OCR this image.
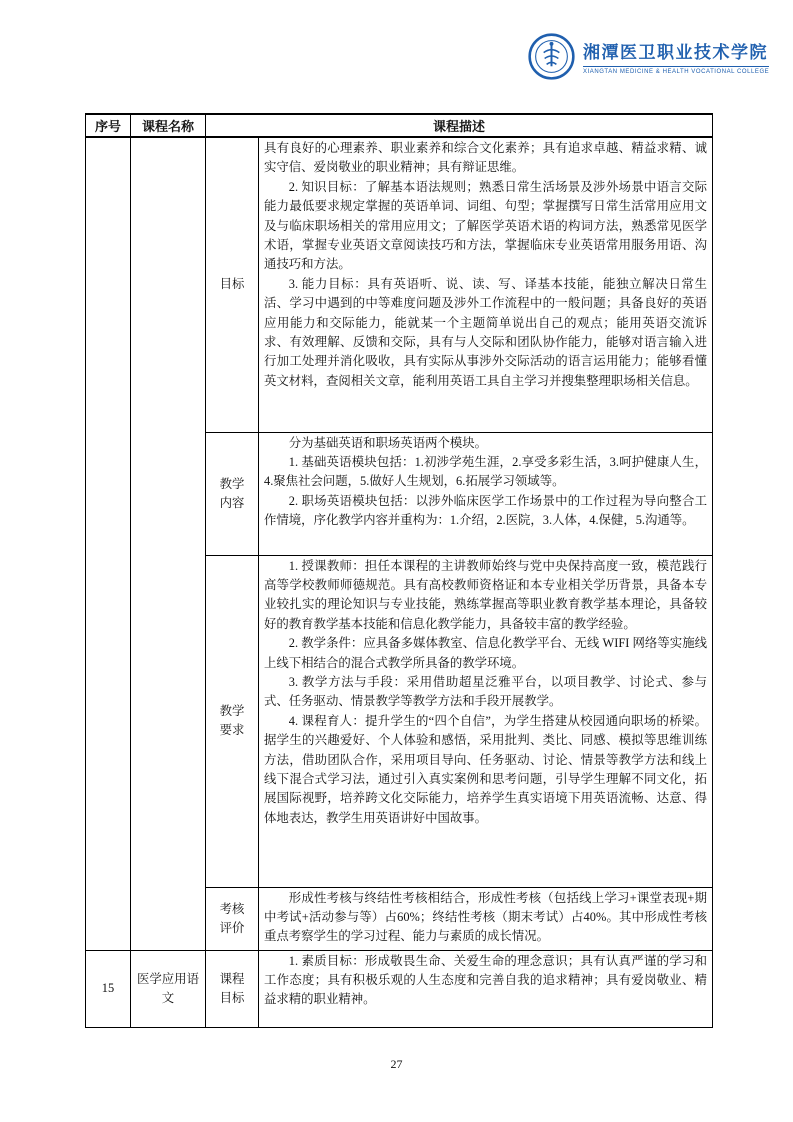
湘潭医卫职业技术学院
XIANGTAN MEDICINE & HEALTH VOCATIONAL COLLEGE
序号	课程名称	课程描述	
		目标	具有良好的心理素养、职业素养和综合文化素养；具有追求卓越、精益求精、诚实守信、爱岗敬业的职业精神；具有辩证思维。

2. 知识目标：了解基本语法规则；熟悉日常生活场景及涉外场景中语言交际能力最低要求规定掌握的英语单词、词组、句型；掌握撰写日常生活常用应用文及与临床职场相关的常用应用文；了解医学英语术语的构词方法，熟悉常见医学术语，掌握专业英语文章阅读技巧和方法，掌握临床专业英语常用服务用语、沟通技巧和方法。

3. 能力目标：具有英语听、说、读、写、译基本技能，能独立解决日常生活、学习中遇到的中等难度问题及涉外工作流程中的一般问题；具备良好的英语应用能力和交际能力，能就某一个主题简单说出自己的观点；能用英语交流诉求、有效理解、反馈和交际，具有与人交际和团队协作能力，能够对语言输入进行加工处理并消化吸收，具有实际从事涉外交际活动的语言运用能力；能够看懂英文材料，查阅相关文章，能利用英语工具自主学习并搜集整理职场相关信息。

		教学内容	分为基础英语和职场英语两个模块。

1. 基础英语模块包括：1.初涉学苑生涯，2.享受多彩生活，3.呵护健康人生，4.聚焦社会问题，5.做好人生规划，6.拓展学习领域等。

2. 职场英语模块包括：以涉外临床医学工作场景中的工作过程为导向整合工作情境，序化教学内容并重构为：1.介绍，2.医院，3.人体，4.保健，5.沟通等。

		教学要求	1. 授课教师：担任本课程的主讲教师始终与党中央保持高度一致，模范践行高等学校教师师德规范。具有高校教师资格证和本专业相关学历背景，具备本专业较扎实的理论知识与专业技能，熟练掌握高等职业教育教学基本理论，具备较好的教育教学基本技能和信息化教学能力，具备较丰富的教学经验。

2. 教学条件：应具备多媒体教室、信息化教学平台、无线 WIFI 网络等实施线上线下相结合的混合式教学所具备的教学环境。

3. 教学方法与手段：采用借助超星泛雅平台，以项目教学、讨论式、参与式、任务驱动、情景教学等教学方法和手段开展教学。

4. 课程育人：提升学生的“四个自信”，为学生搭建从校园通向职场的桥梁。据学生的兴趣爱好、个人体验和感悟，采用批判、类比、同感、模拟等思维训练方法，借助团队合作，采用项目导向、任务驱动、讨论、情景等教学方法和线上线下混合式学习法，通过引入真实案例和思考问题，引导学生理解不同文化，拓展国际视野，培养跨文化交际能力，培养学生真实语境下用英语流畅、达意、得体地表达，教学生用英语讲好中国故事。

		考核评价	形成性考核与终结性考核相结合，形成性考核（包括线上学习+课堂表现+期中考试+活动参与等）占60%；终结性考核（期末考试）占40%。其中形成性考核重点考察学生的学习过程、能力与素质的成长情况。

15	医学应用语文	课程目标	1. 素质目标：形成敬畏生命、关爱生命的理念意识；具有认真严谨的学习和工作态度；具有积极乐观的人生态度和完善自我的追求精神；具有爱岗敬业、精益求精的职业精神。

27
